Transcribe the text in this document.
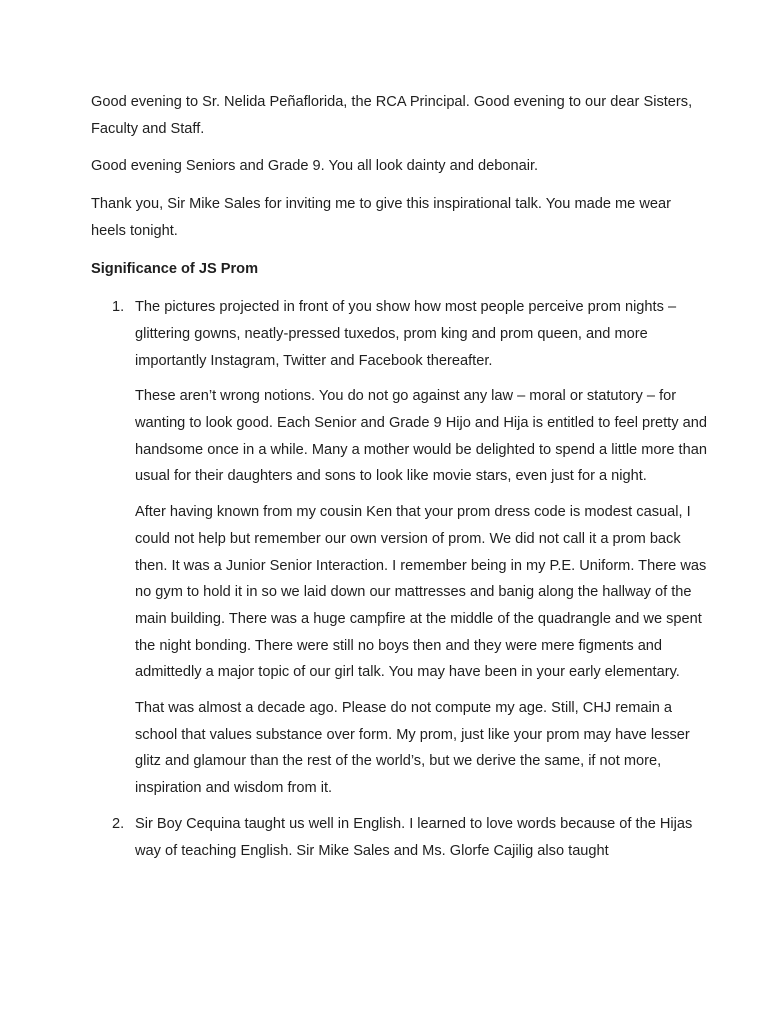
Good evening to Sr. Nelida Peñaflorida, the RCA Principal. Good evening to our dear Sisters, Faculty and Staff.

Good evening Seniors and Grade 9. You all look dainty and debonair.

Thank you, Sir Mike Sales for inviting me to give this inspirational talk. You made me wear heels tonight.

Significance of JS Prom

1. The pictures projected in front of you show how most people perceive prom nights – glittering gowns, neatly-pressed tuxedos, prom king and prom queen, and more importantly Instagram, Twitter and Facebook thereafter.

These aren’t wrong notions. You do not go against any law – moral or statutory – for wanting to look good. Each Senior and Grade 9 Hijo and Hija is entitled to feel pretty and handsome once in a while. Many a mother would be delighted to spend a little more than usual for their daughters and sons to look like movie stars, even just for a night.

After having known from my cousin Ken that your prom dress code is modest casual, I could not help but remember our own version of prom. We did not call it a prom back then. It was a Junior Senior Interaction. I remember being in my P.E. Uniform. There was no gym to hold it in so we laid down our mattresses and banig along the hallway of the main building. There was a huge campfire at the middle of the quadrangle and we spent the night bonding. There were still no boys then and they were mere figments and admittedly a major topic of our girl talk. You may have been in your early elementary.

That was almost a decade ago. Please do not compute my age. Still, CHJ remain a school that values substance over form. My prom, just like your prom may have lesser glitz and glamour than the rest of the world’s, but we derive the same, if not more, inspiration and wisdom from it.

2. Sir Boy Cequina taught us well in English. I learned to love words because of the Hijas way of teaching English. Sir Mike Sales and Ms. Glorfe Cajilig also taught
